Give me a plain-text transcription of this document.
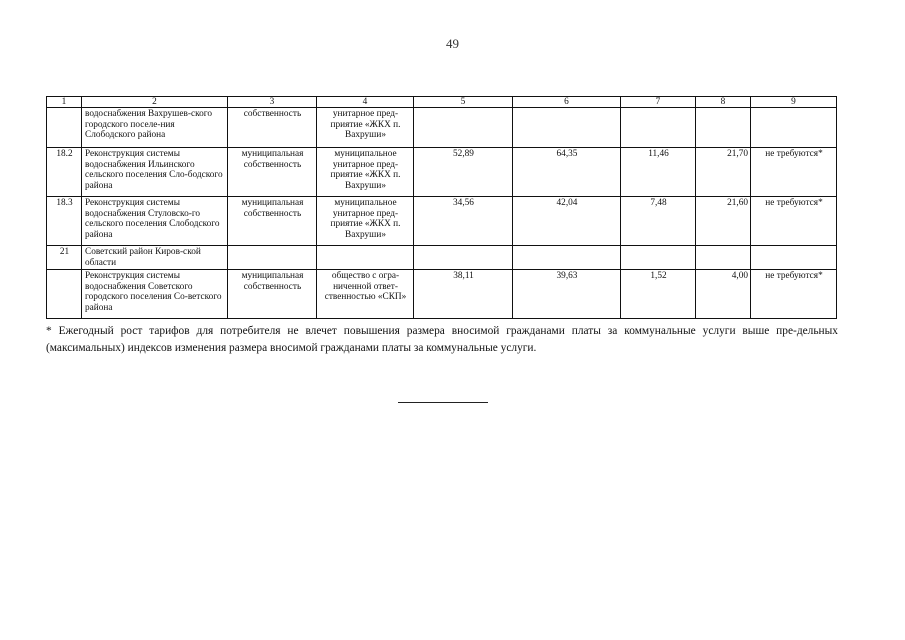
49
1	2	3	4	5	6	7	8	9
	водоснабжения Вахрушев-ского городского поселе-ния Слободского района	собственность	унитарное пред-приятие «ЖКХ п. Вахруши»					
18.2	Реконструкция системы водоснабжения Ильинского сельского поселения Сло-бодского района	муниципальная собственность	муниципальное унитарное пред-приятие «ЖКХ п. Вахруши»	52,89	64,35	11,46	21,70	не требуются*
18.3	Реконструкция системы водоснабжения Стуловско-го сельского поселения Слободского района	муниципальная собственность	муниципальное унитарное пред-приятие «ЖКХ п. Вахруши»	34,56	42,04	7,48	21,60	не требуются*
21	Советский район Киров-ской области							
	Реконструкция системы водоснабжения Советского городского поселения Со-ветского района	муниципальная собственность	общество с огра-ниченной ответ-ственностью «СКП»	38,11	39,63	1,52	4,00	не требуются*
* Ежегодный рост тарифов для потребителя не влечет повышения размера вносимой гражданами платы за коммунальные услуги выше пре-дельных (максимальных) индексов изменения размера вносимой гражданами платы за коммунальные услуги.
